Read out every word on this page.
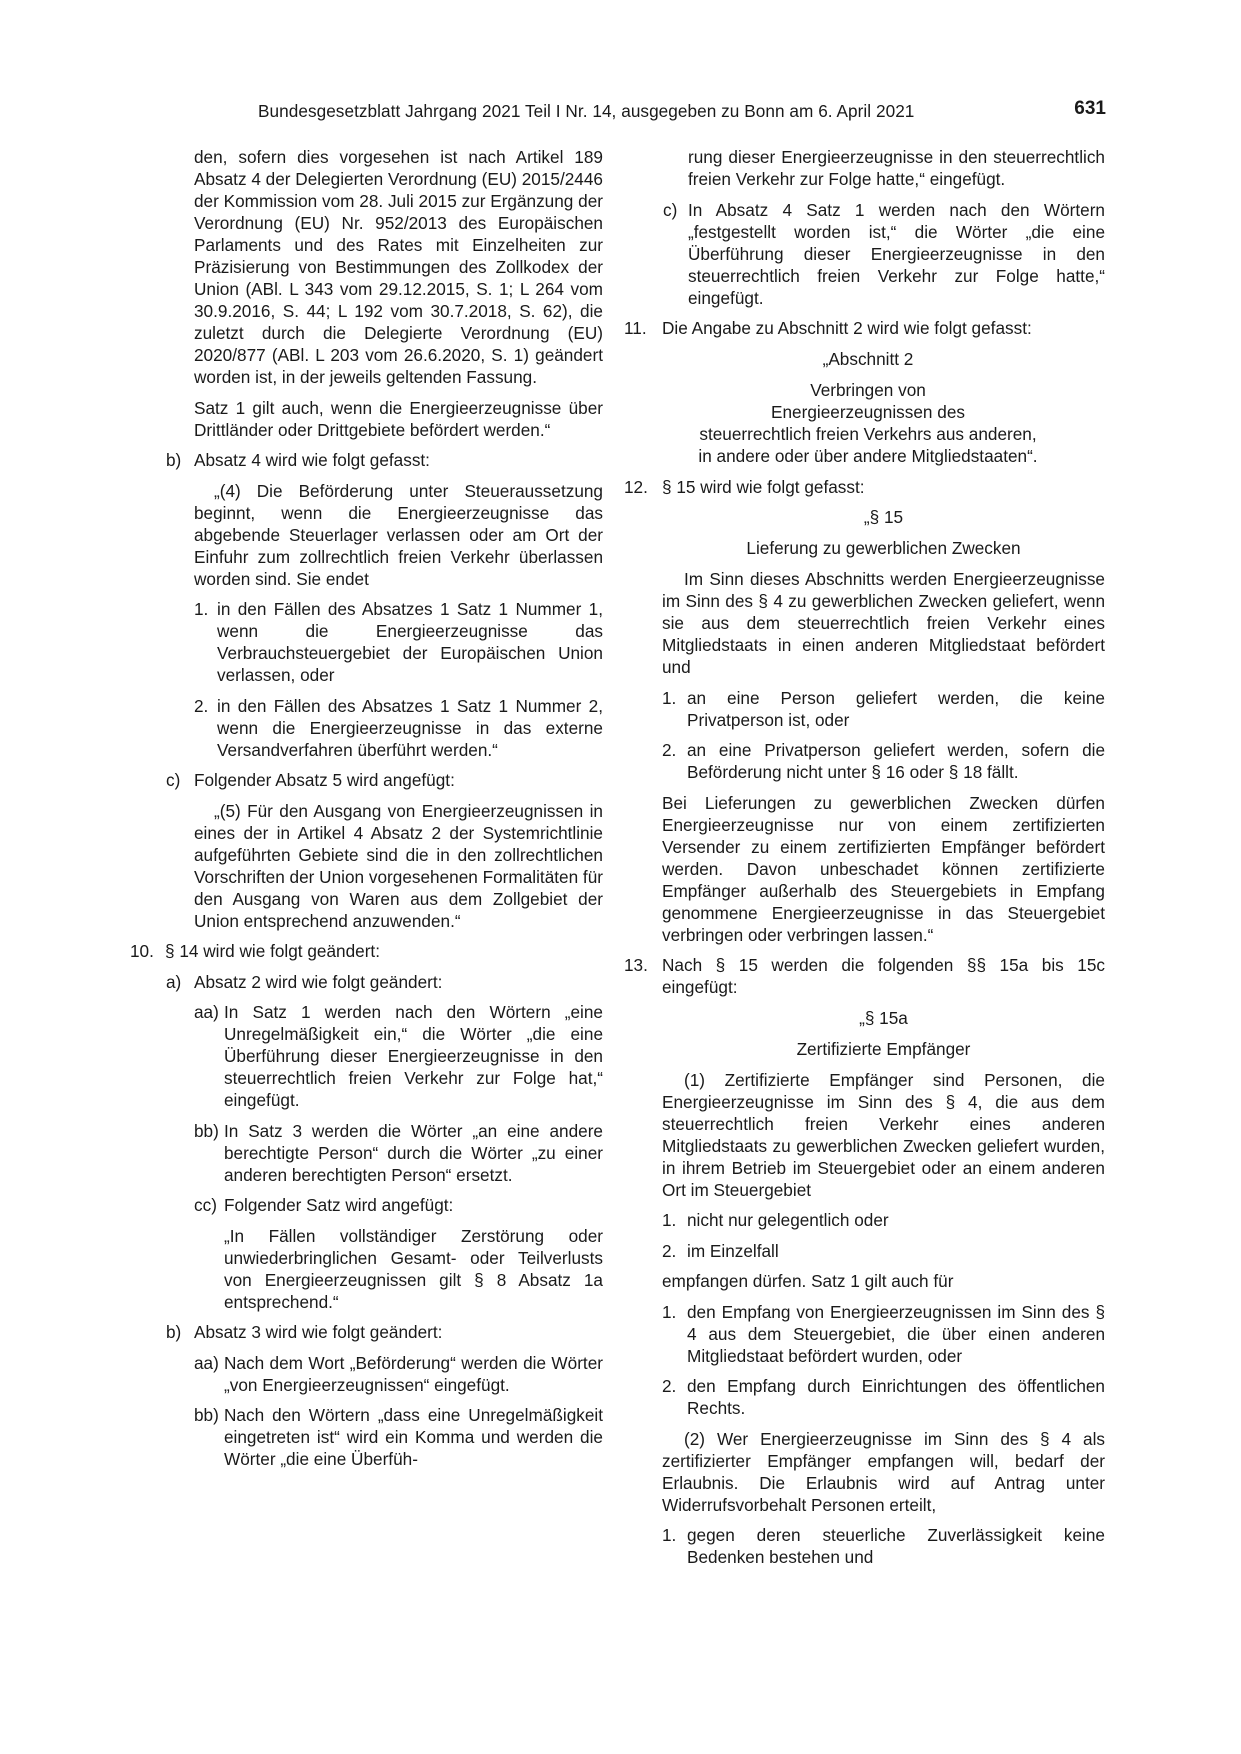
Bundesgesetzblatt Jahrgang 2021 Teil I Nr. 14, ausgegeben zu Bonn am 6. April 2021	631
den, sofern dies vorgesehen ist nach Artikel 189 Absatz 4 der Delegierten Verordnung (EU) 2015/2446 der Kommission vom 28. Juli 2015 zur Ergänzung der Verordnung (EU) Nr. 952/2013 des Europäischen Parlaments und des Rates mit Einzelheiten zur Präzisierung von Bestimmungen des Zollkodex der Union (ABl. L 343 vom 29.12.2015, S. 1; L 264 vom 30.9.2016, S. 44; L 192 vom 30.7.2018, S. 62), die zuletzt durch die Delegierte Verordnung (EU) 2020/877 (ABl. L 203 vom 26.6.2020, S. 1) geändert worden ist, in der jeweils geltenden Fassung.
Satz 1 gilt auch, wenn die Energieerzeugnisse über Drittländer oder Drittgebiete befördert werden.“
b) Absatz 4 wird wie folgt gefasst:
„(4) Die Beförderung unter Steueraussetzung beginnt, wenn die Energieerzeugnisse das abgebende Steuerlager verlassen oder am Ort der Einfuhr zum zollrechtlich freien Verkehr überlassen worden sind. Sie endet
1. in den Fällen des Absatzes 1 Satz 1 Nummer 1, wenn die Energieerzeugnisse das Verbrauchsteuergebiet der Europäischen Union verlassen, oder
2. in den Fällen des Absatzes 1 Satz 1 Nummer 2, wenn die Energieerzeugnisse in das externe Versandverfahren überführt werden.“
c) Folgender Absatz 5 wird angefügt:
„(5) Für den Ausgang von Energieerzeugnissen in eines der in Artikel 4 Absatz 2 der Systemrichtlinie aufgeführten Gebiete sind die in den zollrechtlichen Vorschriften der Union vorgesehenen Formalitäten für den Ausgang von Waren aus dem Zollgebiet der Union entsprechend anzuwenden.“
10. § 14 wird wie folgt geändert:
a) Absatz 2 wird wie folgt geändert:
aa) In Satz 1 werden nach den Wörtern „eine Unregelmäßigkeit ein,“ die Wörter „die eine Überführung dieser Energieerzeugnisse in den steuerrechtlich freien Verkehr zur Folge hat,“ eingefügt.
bb) In Satz 3 werden die Wörter „an eine andere berechtigte Person“ durch die Wörter „zu einer anderen berechtigten Person“ ersetzt.
cc) Folgender Satz wird angefügt:
„In Fällen vollständiger Zerstörung oder unwiederbringlichen Gesamt- oder Teilverlusts von Energieerzeugnissen gilt § 8 Absatz 1a entsprechend.“
b) Absatz 3 wird wie folgt geändert:
aa) Nach dem Wort „Beförderung“ werden die Wörter „von Energieerzeugnissen“ eingefügt.
bb) Nach den Wörtern „dass eine Unregelmäßigkeit eingetreten ist“ wird ein Komma und werden die Wörter „die eine Überfüh-
rung dieser Energieerzeugnisse in den steuerrechtlich freien Verkehr zur Folge hatte,“ eingefügt.
c) In Absatz 4 Satz 1 werden nach den Wörtern „festgestellt worden ist,“ die Wörter „die eine Überführung dieser Energieerzeugnisse in den steuerrechtlich freien Verkehr zur Folge hatte,“ eingefügt.
11. Die Angabe zu Abschnitt 2 wird wie folgt gefasst:
„Abschnitt 2
Verbringen von
Energieerzeugnissen des
steuerrechtlich freien Verkehrs aus anderen,
in andere oder über andere Mitgliedstaaten“.
12. § 15 wird wie folgt gefasst:
„§ 15
Lieferung zu gewerblichen Zwecken
Im Sinn dieses Abschnitts werden Energieerzeugnisse im Sinn des § 4 zu gewerblichen Zwecken geliefert, wenn sie aus dem steuerrechtlich freien Verkehr eines Mitgliedstaats in einen anderen Mitgliedstaat befördert und
1. an eine Person geliefert werden, die keine Privatperson ist, oder
2. an eine Privatperson geliefert werden, sofern die Beförderung nicht unter § 16 oder § 18 fällt.
Bei Lieferungen zu gewerblichen Zwecken dürfen Energieerzeugnisse nur von einem zertifizierten Versender zu einem zertifizierten Empfänger befördert werden. Davon unbeschadet können zertifizierte Empfänger außerhalb des Steuergebiets in Empfang genommene Energieerzeugnisse in das Steuergebiet verbringen oder verbringen lassen.“
13. Nach § 15 werden die folgenden §§ 15a bis 15c eingefügt:
„§ 15a
Zertifizierte Empfänger
(1) Zertifizierte Empfänger sind Personen, die Energieerzeugnisse im Sinn des § 4, die aus dem steuerrechtlich freien Verkehr eines anderen Mitgliedstaats zu gewerblichen Zwecken geliefert wurden, in ihrem Betrieb im Steuergebiet oder an einem anderen Ort im Steuergebiet
1. nicht nur gelegentlich oder
2. im Einzelfall
empfangen dürfen. Satz 1 gilt auch für
1. den Empfang von Energieerzeugnissen im Sinn des § 4 aus dem Steuergebiet, die über einen anderen Mitgliedstaat befördert wurden, oder
2. den Empfang durch Einrichtungen des öffentlichen Rechts.
(2) Wer Energieerzeugnisse im Sinn des § 4 als zertifizierter Empfänger empfangen will, bedarf der Erlaubnis. Die Erlaubnis wird auf Antrag unter Widerrufsvorbehalt Personen erteilt,
1. gegen deren steuerliche Zuverlässigkeit keine Bedenken bestehen und
